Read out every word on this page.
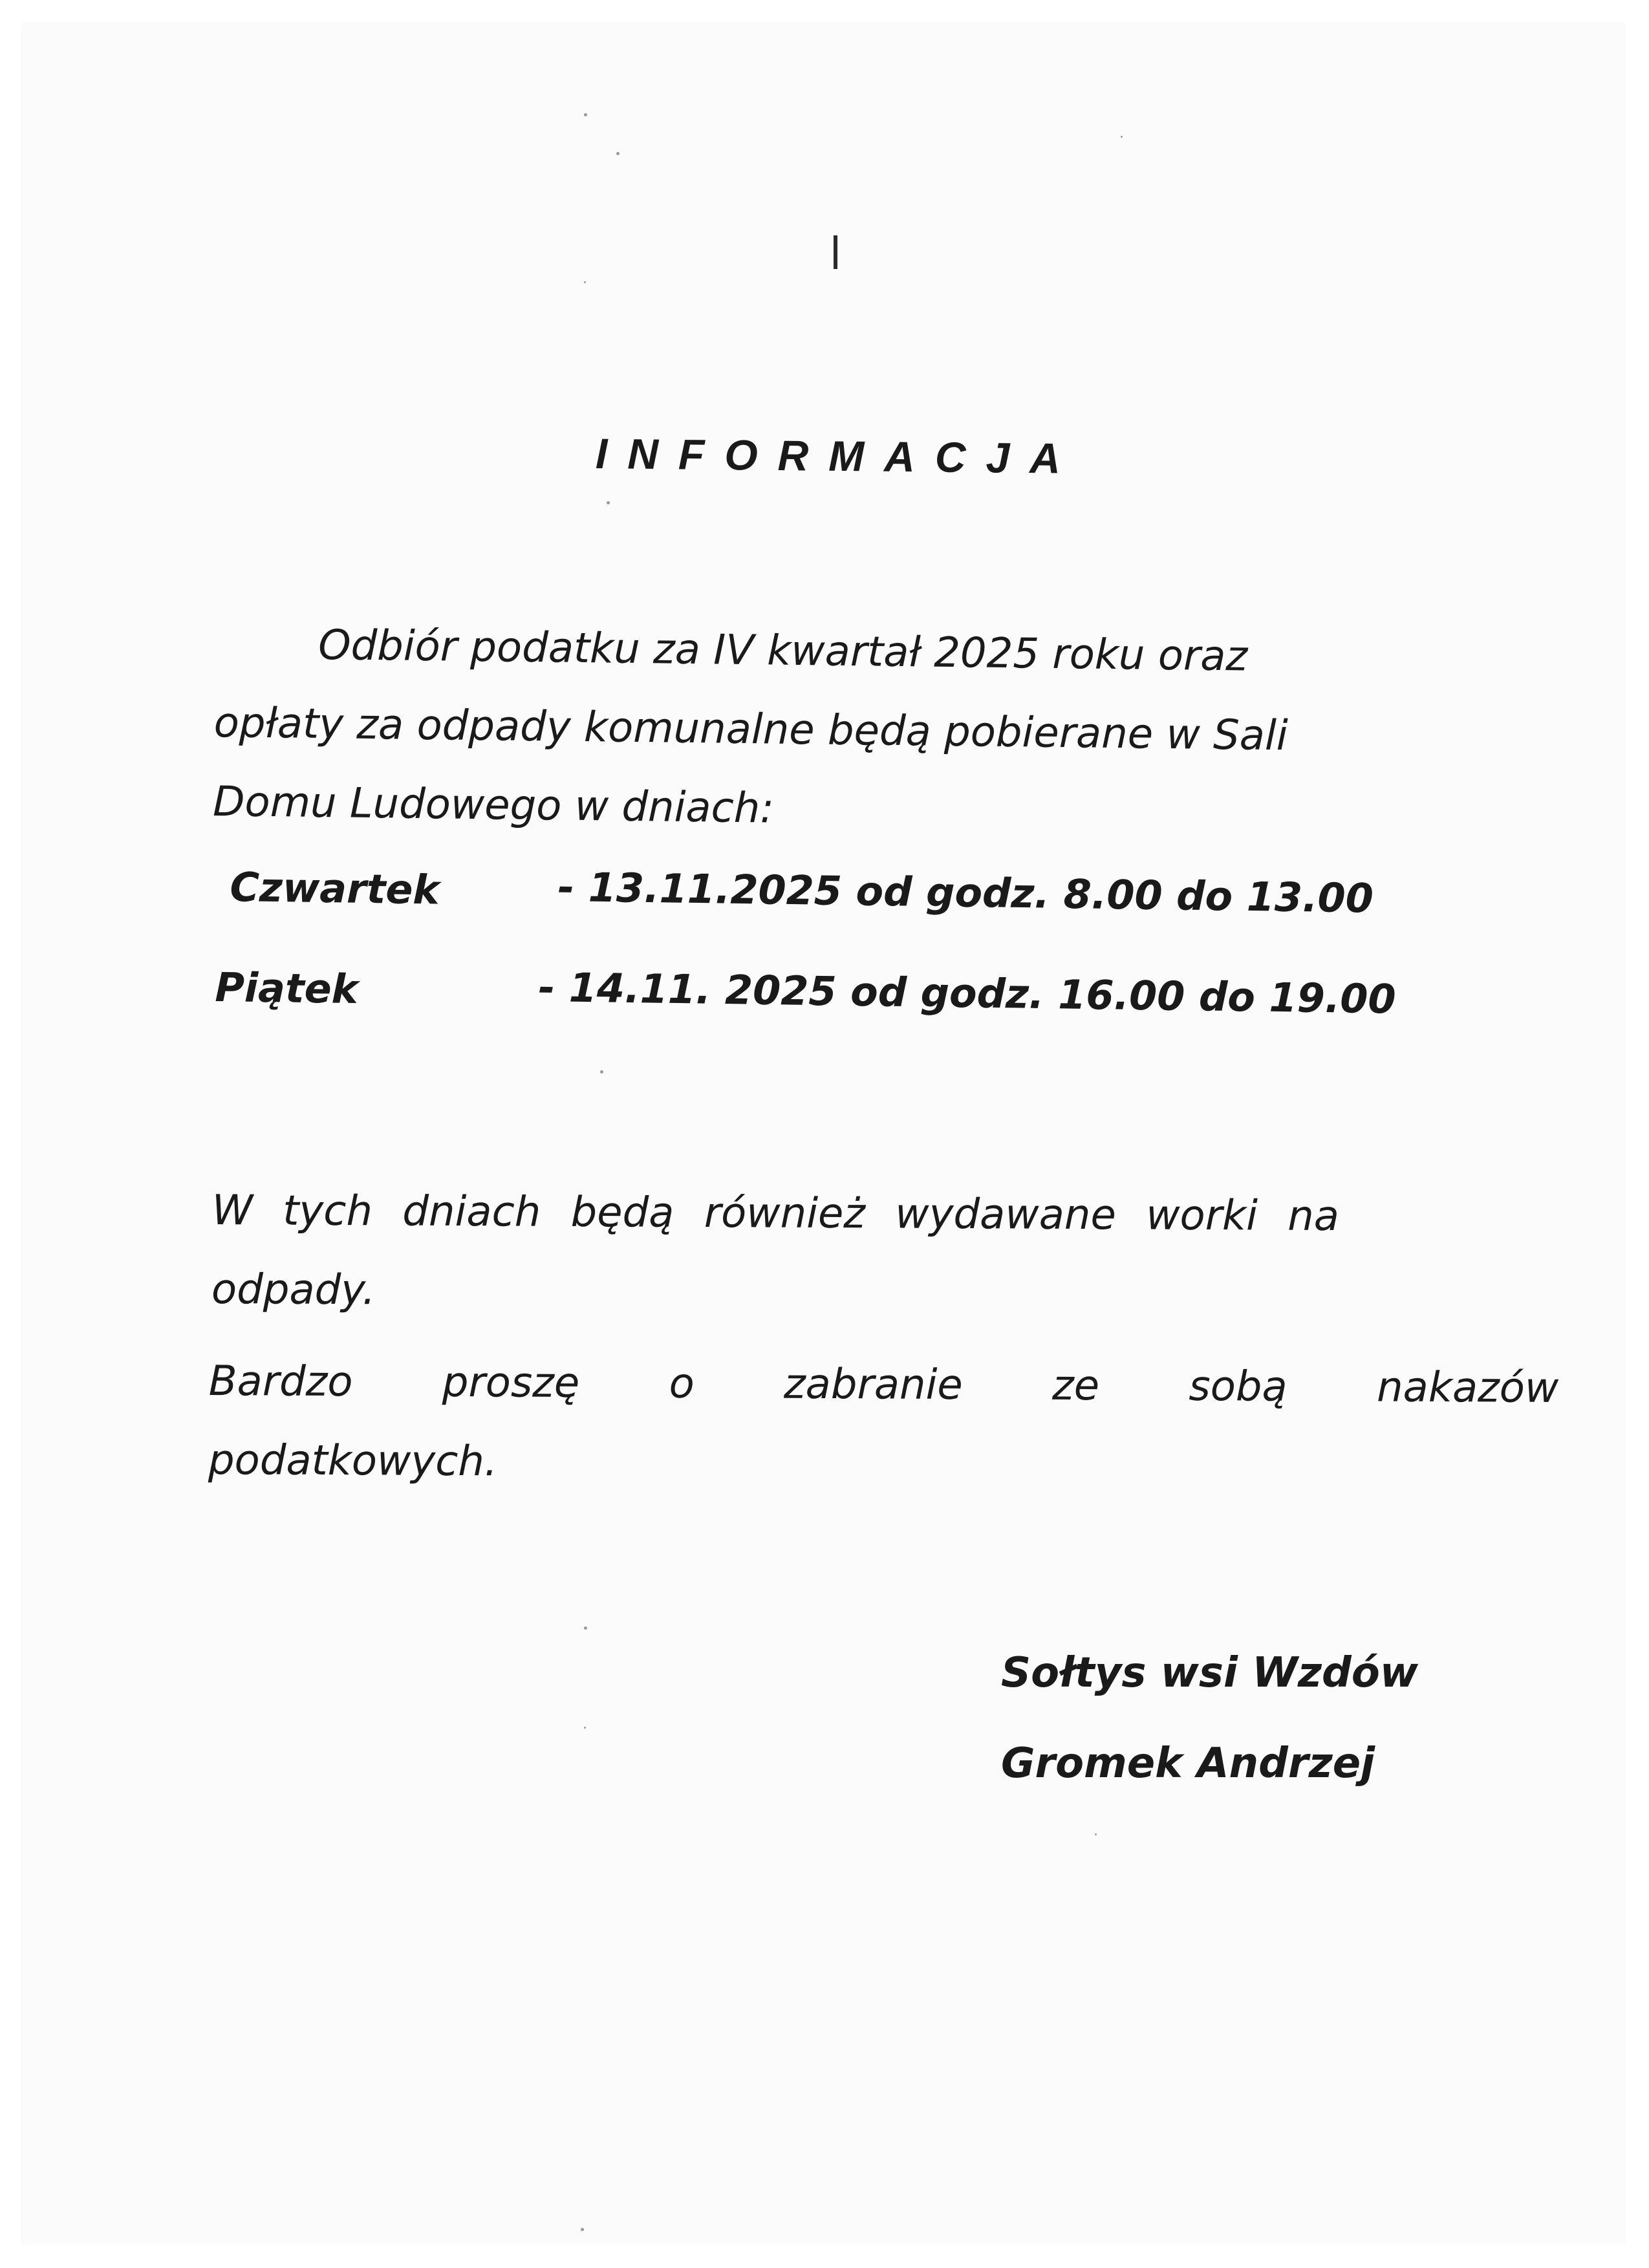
INFORMACJA
Odbiór podatku za IV kwartał 2025 roku oraz
opłaty za odpady komunalne będą pobierane w Sali
Domu Ludowego w dniach:
Czwartek	- 13.11.2025 od godz. 8.00 do 13.00
Piątek	- 14.11. 2025 od godz. 16.00 do 19.00
W tych dniach będą również wydawane worki na
odpady.
Bardzo proszę o zabranie ze sobą nakazów
podatkowych.
Sołtys wsi Wzdów
Gromek Andrzej
